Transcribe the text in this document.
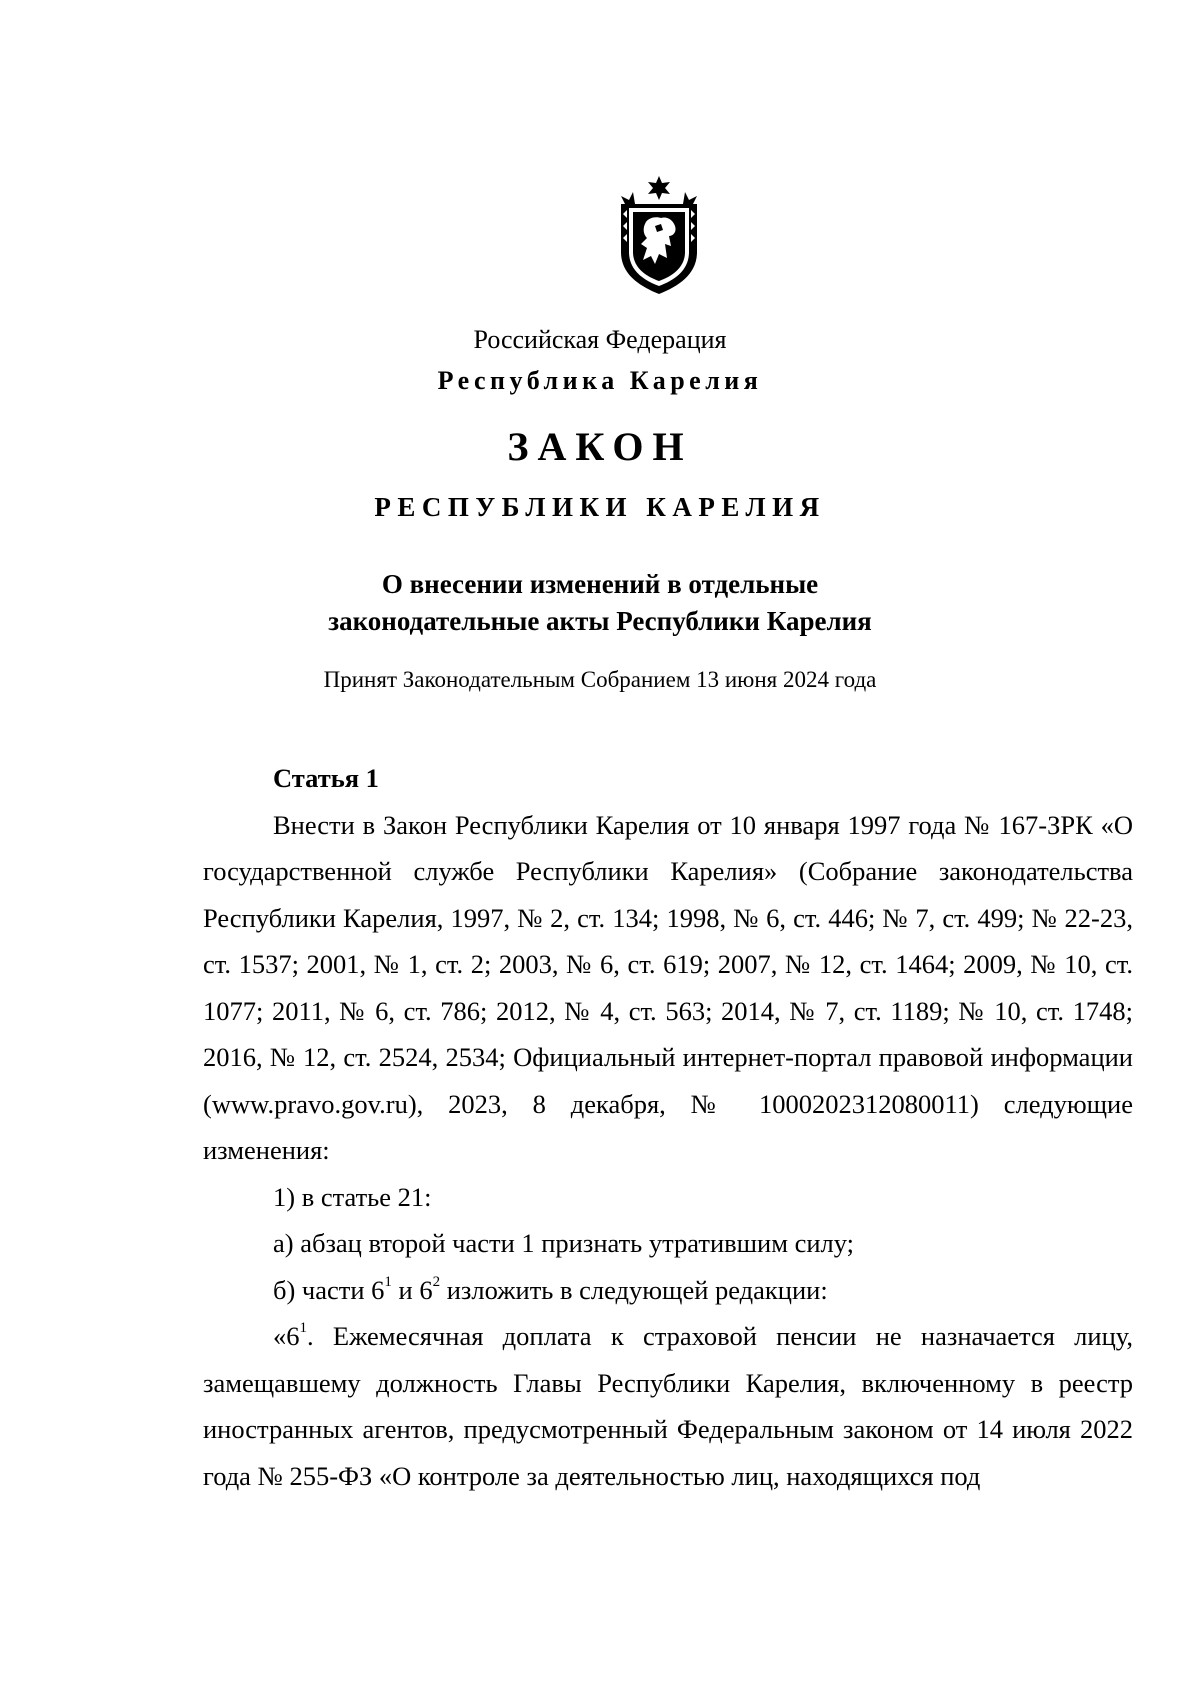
Российская Федерация
Республика Карелия
ЗАКОН
РЕСПУБЛИКИ КАРЕЛИЯ
О внесении изменений в отдельные
законодательные акты Республики Карелия
Принят Законодательным Собранием 13 июня 2024 года

Статья 1

Внести в Закон Республики Карелия от 10 января 1997 года № 167-ЗРК «О государственной службе Республики Карелия» (Собрание законодательства Республики Карелия, 1997, № 2, ст. 134; 1998, № 6, ст. 446; № 7, ст. 499; № 22-23, ст. 1537; 2001, № 1, ст. 2; 2003, № 6, ст. 619; 2007, № 12, ст. 1464; 2009, № 10, ст. 1077; 2011, № 6, ст. 786; 2012, № 4, ст. 563; 2014, № 7, ст. 1189; № 10, ст. 1748; 2016, № 12, ст. 2524, 2534; Официальный интернет-портал правовой информации (www.pravo.gov.ru), 2023, 8 декабря, № 1000202312080011) следующие изменения:

1) в статье 21:

а) абзац второй части 1 признать утратившим силу;

б) части $6^1$ и $6^2$ изложить в следующей редакции:

«$6^1$. Ежемесячная доплата к страховой пенсии не назначается лицу, замещавшему должность Главы Республики Карелия, включенному в реестр иностранных агентов, предусмотренный Федеральным законом от 14 июля 2022 года № 255-ФЗ «О контроле за деятельностью лиц, находящихся под
